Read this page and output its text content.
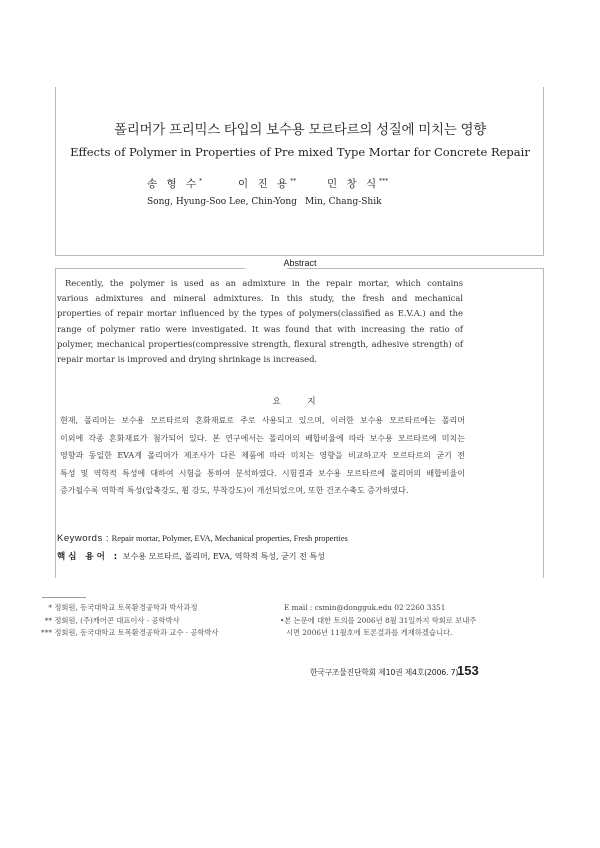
폴리머가 프리믹스 타입의 보수용 모르타르의 성질에 미치는 영향
Effects of Polymer in Properties of Pre mixed Type Mortar for Concrete Repair
송 형 수*	이 진 용**	민 창 식***
Song, Hyung-Soo Lee, Chin-Yong Min, Chang-Shik
Abstract
Recently, the polymer is used as an admixture in the repair mortar, which contains
various admixtures and mineral admixtures. In this study, the fresh and mechanical
properties of repair mortar influenced by the types of polymers(classified as E.V.A.) and the
range of polymer ratio were investigated. It was found that with increasing the ratio of
polymer, mechanical properties(compressive strength, flexural strength, adhesive strength) of
repair mortar is improved and drying shrinkage is increased.
요 지
현재, 폴리머는 보수용 모르타르의 혼화재료로 주로 사용되고 있으며, 이러한 보수용 모르타르에는 폴리머
이외에 각종 혼화재료가 첨가되어 있다. 본 연구에서는 폴리머의 배합비율에 따라 보수용 모르타르에 미치는
영향과 동일한 EVA계 폴리머가 제조사가 다른 제품에 따라 미치는 영향을 비교하고자 모르타르의 굳기 전
특성 및 역학적 특성에 대하여 시험을 통하여 분석하였다. 시험결과 보수용 모르타르에 폴리머의 배합비율이
증가될수록 역학적 특성(압축강도, 휨 강도, 부착강도)이 개선되었으며, 또한 건조수축도 증가하였다.
Keywords : Repair mortar, Polymer, EVA, Mechanical properties, Fresh properties
핵심 용어 : 보수용 모르타르, 폴리머, EVA, 역학적 특성, 굳기 전 특성
* 정회원, 동국대학교 토목환경공학과 박사과정
** 정회원, (주)캐어콘 대표이사 · 공학박사
*** 정회원, 동국대학교 토목환경공학과 교수 · 공학박사
E mail : csmin@dongguk.edu 02 2260 3351
•본 논문에 대한 토의를 2006년 8월 31일까지 학회로 보내주
시면 2006년 11월호에 토론결과를 게재하겠습니다.
한국구조물진단학회 제10권 제4호(2006. 7)
153
